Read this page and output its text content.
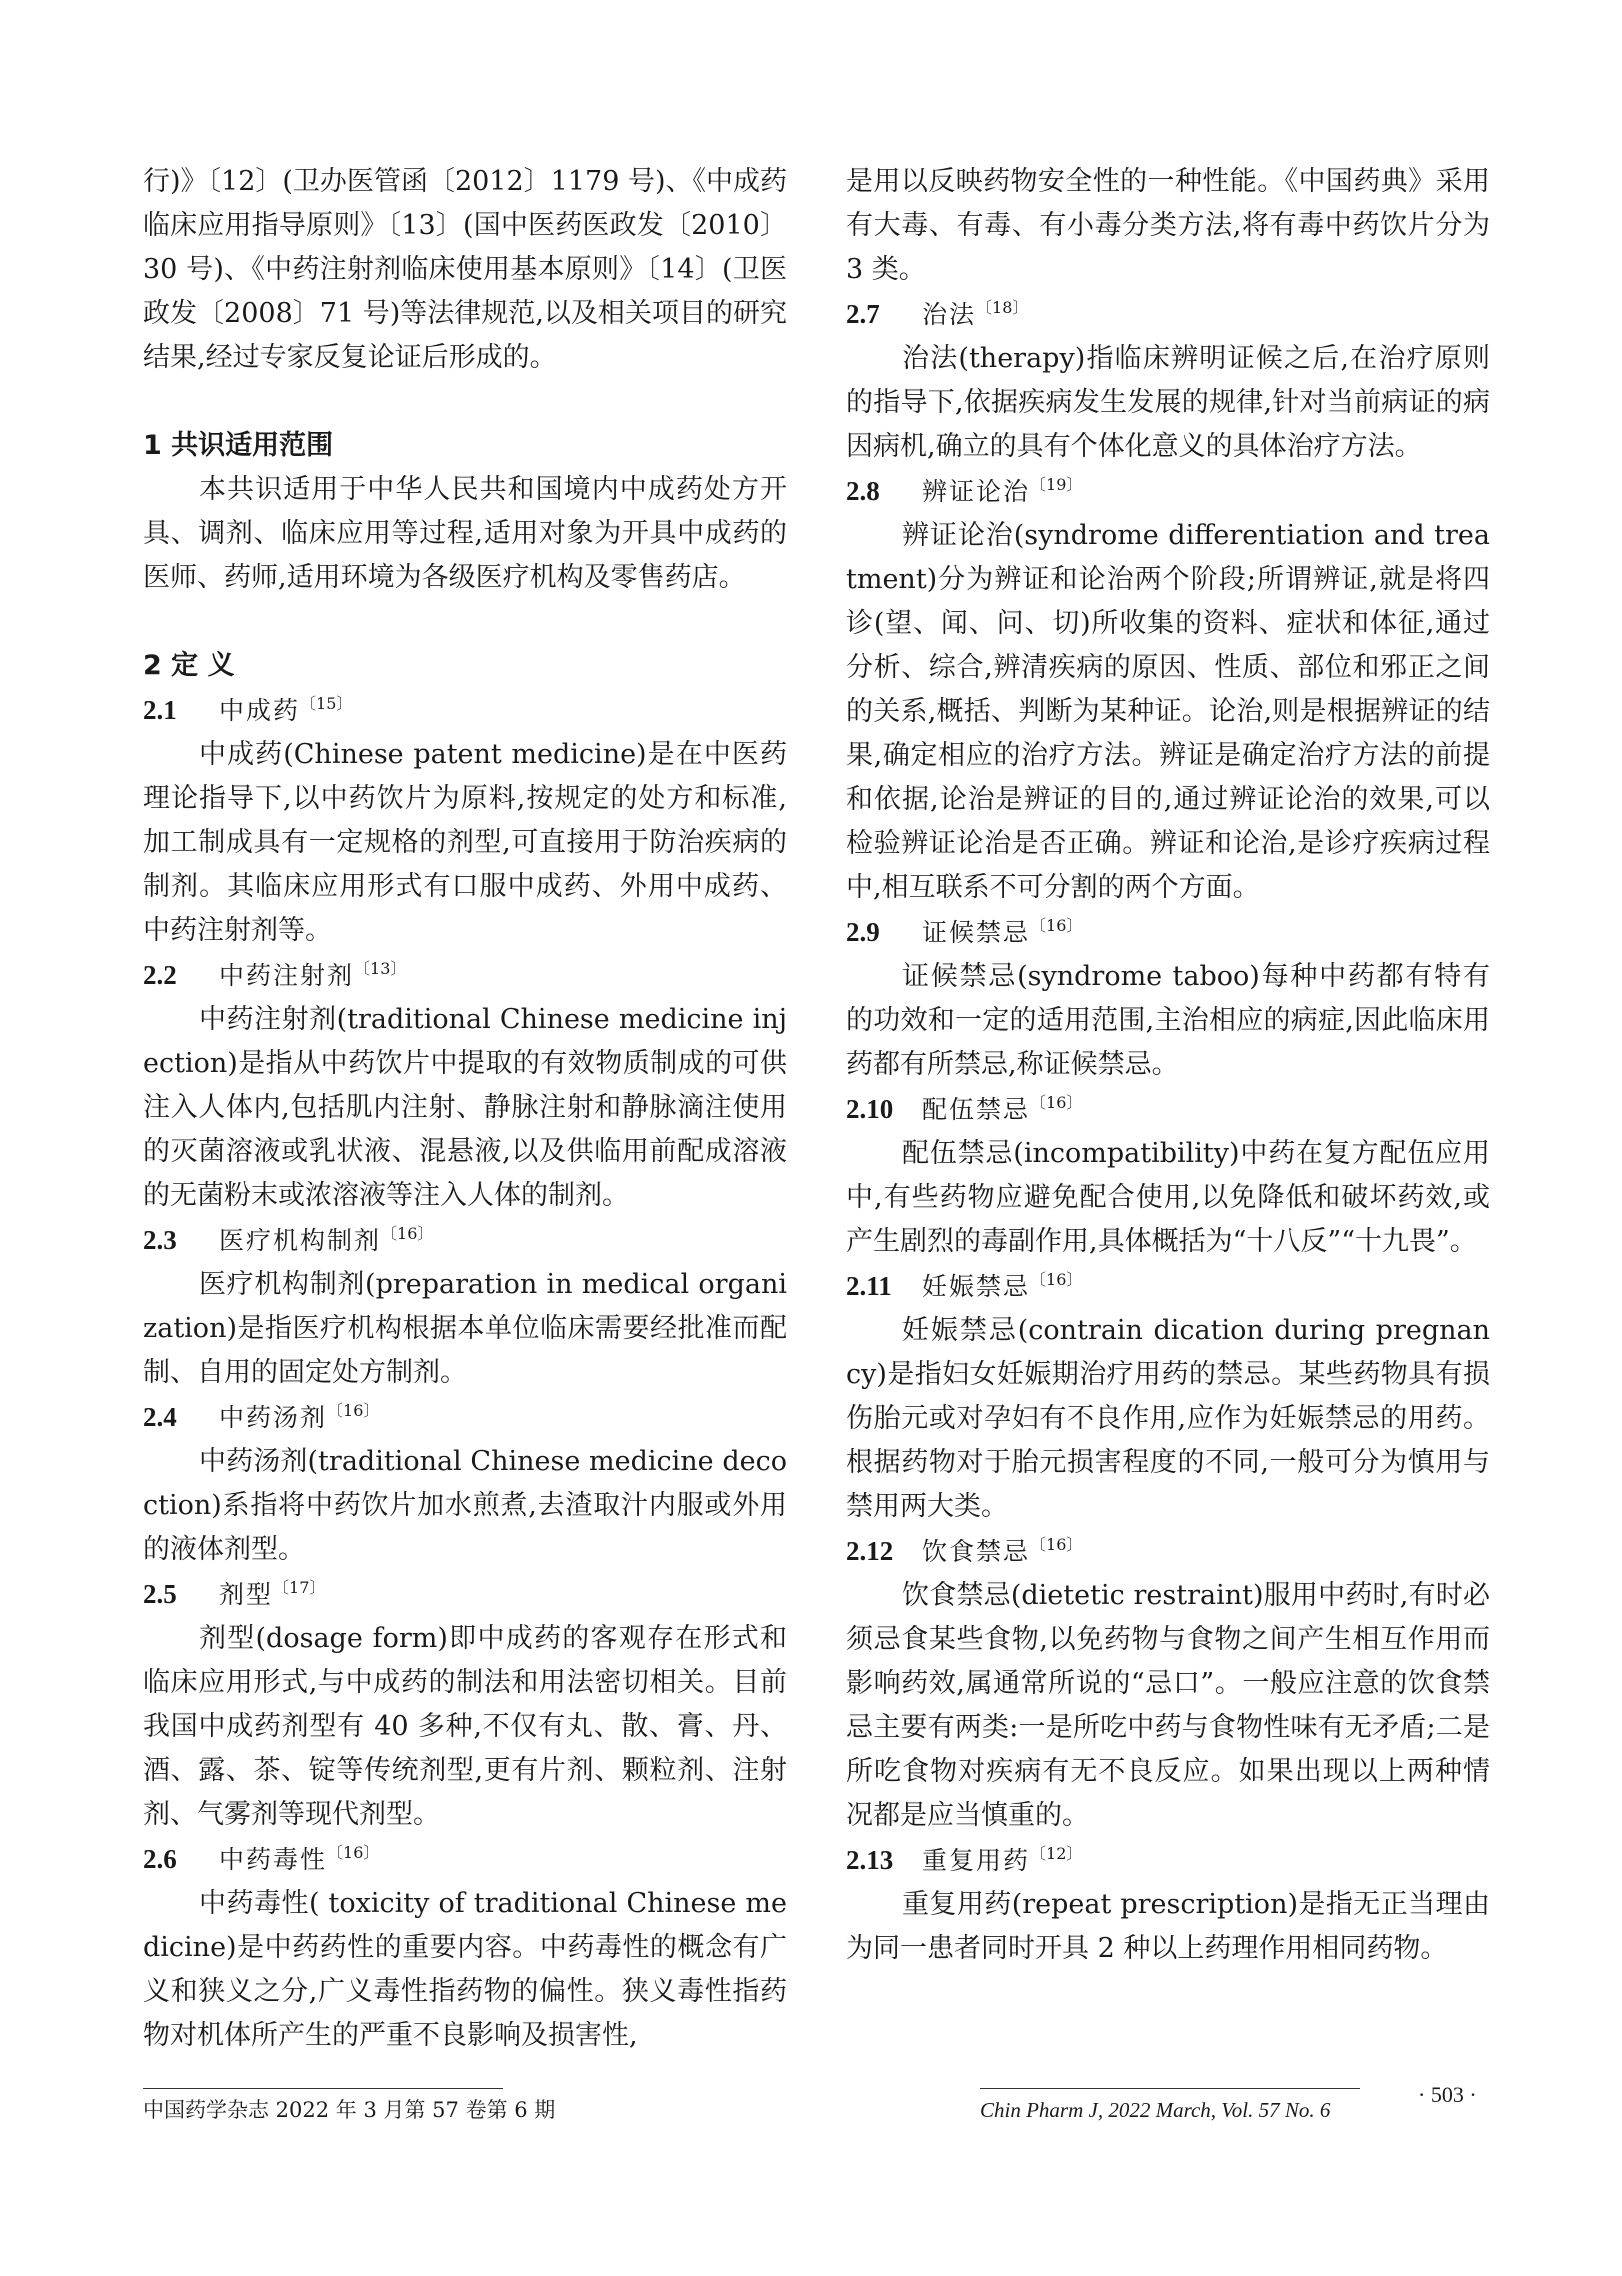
行)》〔12〕(卫办医管函〔2012〕1179 号)、《中成药临床应用指导原则》〔13〕(国中医药医政发〔2010〕30 号)、《中药注射剂临床使用基本原则》〔14〕(卫医政发〔2008〕71 号)等法律规范,以及相关项目的研究结果,经过专家反复论证后形成的。

1 共识适用范围

本共识适用于中华人民共和国境内中成药处方开具、调剂、临床应用等过程,适用对象为开具中成药的医师、药师,适用环境为各级医疗机构及零售药店。

2 定 义
2.1 中成药$^{〔15〕}$

中成药(Chinese patent medicine)是在中医药理论指导下,以中药饮片为原料,按规定的处方和标准,加工制成具有一定规格的剂型,可直接用于防治疾病的制剂。其临床应用形式有口服中成药、外用中成药、中药注射剂等。

2.2 中药注射剂$^{〔13〕}$

中药注射剂(traditional Chinese medicine injection)是指从中药饮片中提取的有效物质制成的可供注入人体内,包括肌内注射、静脉注射和静脉滴注使用的灭菌溶液或乳状液、混悬液,以及供临用前配成溶液的无菌粉末或浓溶液等注入人体的制剂。

2.3 医疗机构制剂$^{〔16〕}$

医疗机构制剂(preparation in medical organization)是指医疗机构根据本单位临床需要经批准而配制、自用的固定处方制剂。

2.4 中药汤剂$^{〔16〕}$

中药汤剂(traditional Chinese medicine decoction)系指将中药饮片加水煎煮,去渣取汁内服或外用的液体剂型。

2.5 剂型$^{〔17〕}$

剂型(dosage form)即中成药的客观存在形式和临床应用形式,与中成药的制法和用法密切相关。目前我国中成药剂型有 40 多种,不仅有丸、散、膏、丹、酒、露、茶、锭等传统剂型,更有片剂、颗粒剂、注射剂、气雾剂等现代剂型。

2.6 中药毒性$^{〔16〕}$

中药毒性( toxicity of traditional Chinese medicine)是中药药性的重要内容。中药毒性的概念有广义和狭义之分,广义毒性指药物的偏性。狭义毒性指药物对机体所产生的严重不良影响及损害性,

是用以反映药物安全性的一种性能。《中国药典》采用有大毒、有毒、有小毒分类方法,将有毒中药饮片分为 3 类。

2.7 治法$^{〔18〕}$

治法(therapy)指临床辨明证候之后,在治疗原则的指导下,依据疾病发生发展的规律,针对当前病证的病因病机,确立的具有个体化意义的具体治疗方法。

2.8 辨证论治$^{〔19〕}$

辨证论治(syndrome differentiation and treatment)分为辨证和论治两个阶段;所谓辨证,就是将四诊(望、闻、问、切)所收集的资料、症状和体征,通过分析、综合,辨清疾病的原因、性质、部位和邪正之间的关系,概括、判断为某种证。论治,则是根据辨证的结果,确定相应的治疗方法。辨证是确定治疗方法的前提和依据,论治是辨证的目的,通过辨证论治的效果,可以检验辨证论治是否正确。辨证和论治,是诊疗疾病过程中,相互联系不可分割的两个方面。

2.9 证候禁忌$^{〔16〕}$

证候禁忌(syndrome taboo)每种中药都有特有的功效和一定的适用范围,主治相应的病症,因此临床用药都有所禁忌,称证候禁忌。

2.10 配伍禁忌$^{〔16〕}$

配伍禁忌(incompatibility)中药在复方配伍应用中,有些药物应避免配合使用,以免降低和破坏药效,或产生剧烈的毒副作用,具体概括为“十八反”“十九畏”。

2.11 妊娠禁忌$^{〔16〕}$

妊娠禁忌(contrain dication during pregnancy)是指妇女妊娠期治疗用药的禁忌。某些药物具有损伤胎元或对孕妇有不良作用,应作为妊娠禁忌的用药。根据药物对于胎元损害程度的不同,一般可分为慎用与禁用两大类。

2.12 饮食禁忌$^{〔16〕}$

饮食禁忌(dietetic restraint)服用中药时,有时必须忌食某些食物,以免药物与食物之间产生相互作用而影响药效,属通常所说的“忌口”。一般应注意的饮食禁忌主要有两类:一是所吃中药与食物性味有无矛盾;二是所吃食物对疾病有无不良反应。如果出现以上两种情况都是应当慎重的。

2.13 重复用药$^{〔12〕}$

重复用药(repeat prescription)是指无正当理由为同一患者同时开具 2 种以上药理作用相同药物。

中国药学杂志 2022 年 3 月第 57 卷第 6 期	Chin Pharm J, 2022 March, Vol. 57 No. 6
· 503 ·
